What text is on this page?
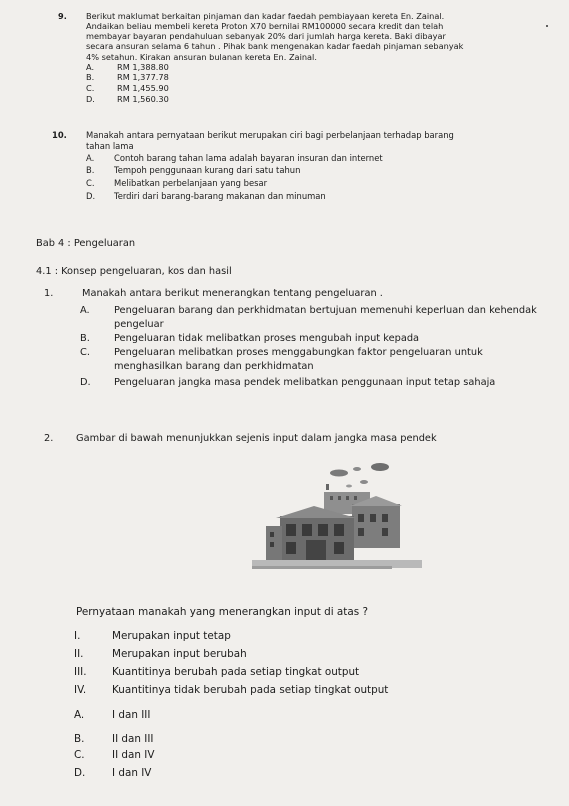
9. Berikut maklumat berkaitan pinjaman dan kadar faedah pembiayaan kereta En. Zainal.
Andaikan beliau membeli kereta Proton X70 bernilai RM100000 secara kredit dan telah
membayar bayaran pendahuluan sebanyak 20% dari jumlah harga kereta. Baki dibayar
secara ansuran selama 6 tahun . Pihak bank mengenakan kadar faedah pinjaman sebanyak
4% setahun. Kirakan ansuran bulanan kereta En. Zainal.
A.	RM 1,388.80
B.	RM 1,377.78
C.	RM 1,455.90
D.	RM 1,560.30
10. Manakah antara pernyataan berikut merupakan ciri bagi perbelanjaan terhadap barang
tahan lama
A. Contoh barang tahan lama adalah bayaran insuran dan internet
B. Tempoh penggunaan kurang dari satu tahun
C. Melibatkan perbelanjaan yang besar
D. Terdiri dari barang-barang makanan dan minuman
Bab 4 : Pengeluaran
4.1 : Konsep pengeluaran, kos dan hasil
1.	Manakah antara berikut menerangkan tentang pengeluaran .
A. Pengeluaran barang dan perkhidmatan bertujuan memenuhi keperluan dan kehendak
pengeluar
B. Pengeluaran tidak melibatkan proses mengubah input kepada
C. Pengeluaran melibatkan proses menggabungkan faktor pengeluaran untuk
menghasilkan barang dan perkhidmatan
D. Pengeluaran jangka masa pendek melibatkan penggunaan input tetap sahaja
2. Gambar di bawah menunjukkan sejenis input dalam jangka masa pendek
Pernyataan manakah yang menerangkan input di atas ?
I.	Merupakan input tetap
II.	Merupakan input berubah
III. Kuantitinya berubah pada setiap tingkat output
IV. Kuantitinya tidak berubah pada setiap tingkat output
A.	I dan III
B.	II dan III
C.	II dan IV
D.	I dan IV
